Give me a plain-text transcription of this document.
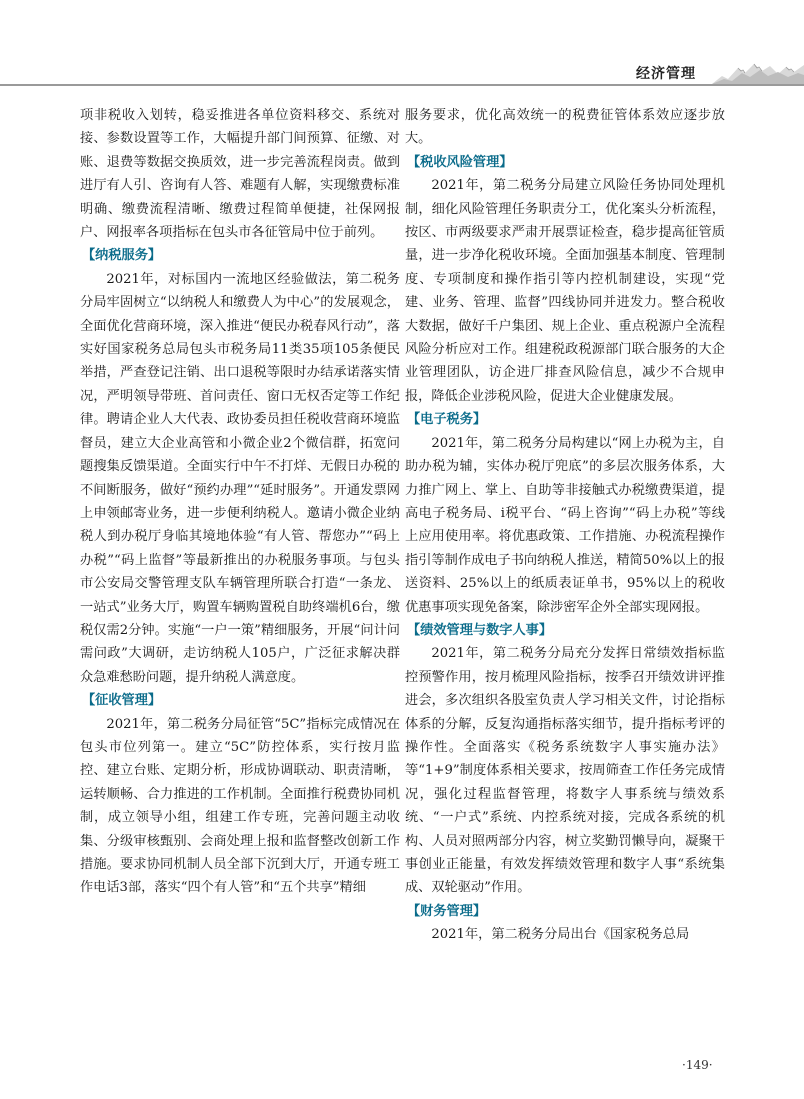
经济管理

项非税收入划转，稳妥推进各单位资料移交、系统对接、参数设置等工作，大幅提升部门间预算、征缴、对账、退费等数据交换质效，进一步完善流程岗责。做到进厅有人引、咨询有人答、难题有人解，实现缴费标准明确、缴费流程清晰、缴费过程简单便捷，社保网报户、网报率各项指标在包头市各征管局中位于前列。

【纳税服务】

2021年，对标国内一流地区经验做法，第二税务分局牢固树立“以纳税人和缴费人为中心”的发展观念，全面优化营商环境，深入推进“便民办税春风行动”，落实好国家税务总局包头市税务局11类35项105条便民举措，严查登记注销、出口退税等限时办结承诺落实情况，严明领导带班、首问责任、窗口无权否定等工作纪律。聘请企业人大代表、政协委员担任税收营商环境监督员，建立大企业高管和小微企业2个微信群，拓宽问题搜集反馈渠道。全面实行中午不打烊、无假日办税的不间断服务，做好“预约办理”“延时服务”。开通发票网上申领邮寄业务，进一步便利纳税人。邀请小微企业纳税人到办税厅身临其境地体验“有人管、帮您办”“码上办税”“码上监督”等最新推出的办税服务事项。与包头市公安局交警管理支队车辆管理所联合打造“一条龙、一站式”业务大厅，购置车辆购置税自助终端机6台，缴税仅需2分钟。实施“一户一策”精细服务，开展“问计问需问政”大调研，走访纳税人105户，广泛征求解决群众急难愁盼问题，提升纳税人满意度。

【征收管理】

2021年，第二税务分局征管“5C”指标完成情况在包头市位列第一。建立“5C”防控体系，实行按月监控、建立台账、定期分析，形成协调联动、职责清晰，运转顺畅、合力推进的工作机制。全面推行税费协同机制，成立领导小组，组建工作专班，完善问题主动收集、分级审核甄别、会商处理上报和监督整改创新工作措施。要求协同机制人员全部下沉到大厅，开通专班工作电话3部，落实“四个有人管”和“五个共享”精细

服务要求，优化高效统一的税费征管体系效应逐步放大。

【税收风险管理】

2021年，第二税务分局建立风险任务协同处理机制，细化风险管理任务职责分工，优化案头分析流程，按区、市两级要求严肃开展票证检查，稳步提高征管质量，进一步净化税收环境。全面加强基本制度、管理制度、专项制度和操作指引等内控机制建设，实现“党建、业务、管理、监督”四线协同并进发力。整合税收大数据，做好千户集团、规上企业、重点税源户全流程风险分析应对工作。组建税政税源部门联合服务的大企业管理团队，访企进厂排查风险信息，减少不合规申报，降低企业涉税风险，促进大企业健康发展。

【电子税务】

2021年，第二税务分局构建以“网上办税为主，自助办税为辅，实体办税厅兜底”的多层次服务体系，大力推广网上、掌上、自助等非接触式办税缴费渠道，提高电子税务局、i税平台、“码上咨询”“码上办税”等线上应用使用率。将优惠政策、工作措施、办税流程操作指引等制作成电子书向纳税人推送，精简50%以上的报送资料、25%以上的纸质表证单书，95%以上的税收优惠事项实现免备案，除涉密军企外全部实现网报。

【绩效管理与数字人事】

2021年，第二税务分局充分发挥日常绩效指标监控预警作用，按月梳理风险指标，按季召开绩效讲评推进会，多次组织各股室负责人学习相关文件，讨论指标体系的分解，反复沟通指标落实细节，提升指标考评的操作性。全面落实《税务系统数字人事实施办法》等“1+9”制度体系相关要求，按周筛查工作任务完成情况，强化过程监督管理，将数字人事系统与绩效系统、“一户式”系统、内控系统对接，完成各系统的机构、人员对照两部分内容，树立奖勤罚懒导向，凝聚干事创业正能量，有效发挥绩效管理和数字人事“系统集成、双轮驱动”作用。

【财务管理】

2021年，第二税务分局出台《国家税务总局

·149·
